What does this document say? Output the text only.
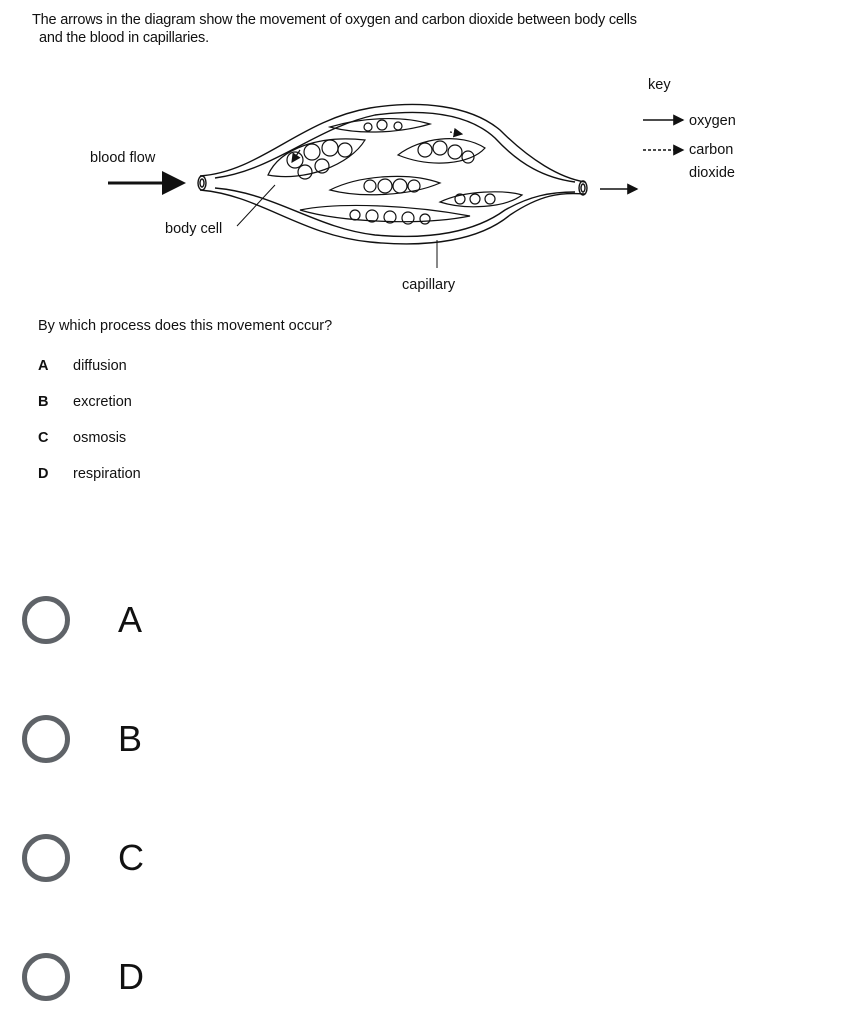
The arrows in the diagram show the movement of oxygen and carbon dioxide between body cells
and the blood in capillaries.
key
oxygen
carbon
dioxide
blood flow
body cell
capillary
By which process does this movement occur?
A	diffusion
B	excretion
C	osmosis
D	respiration
A
B
C
D
